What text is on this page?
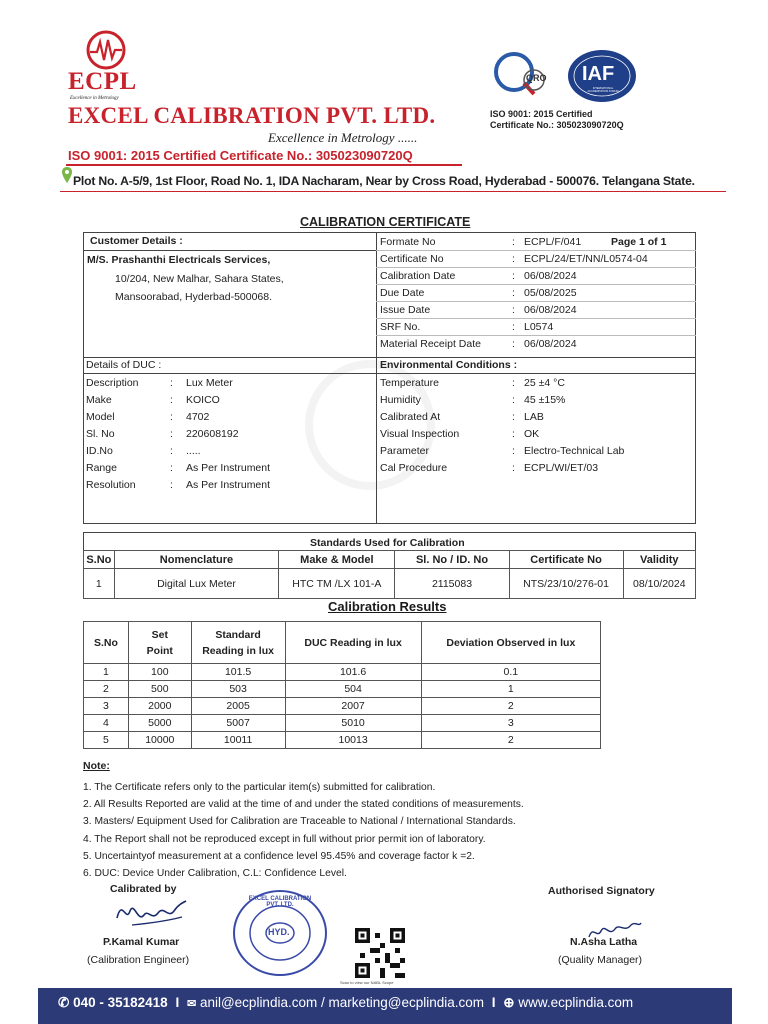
ECPL
Excellence in Metrology
EXCEL CALIBRATION PVT. LTD.
Excellence in Metrology ......
ISO 9001: 2015 Certified Certificate No.: 305023090720Q
QRO IAF
INTERNATIONAL ACCREDITATION FORUM
ISO 9001: 2015 Certified
Certificate No.: 305023090720Q
Plot No. A-5/9, 1st Floor, Road No. 1, IDA Nacharam, Near by Cross Road, Hyderabad - 500076. Telangana State.
CALIBRATION CERTIFICATE
Customer Details :
M/S. Prashanthi Electricals Services,
10/204, New Malhar, Sahara States,
Mansoorabad, Hyderbad-500068.
Formate No	: ECPL/F/041	Page 1 of 1
Certificate No	: ECPL/24/ET/NN/L0574-04
Calibration Date	: 06/08/2024
Due Date	: 05/08/2025
Issue Date	: 06/08/2024
SRF No.	: L0574
Material Receipt Date	: 06/08/2024
Details of DUC :
Description	: Lux Meter
Make	: KOICO
Model	: 4702
Sl. No	: 220608192
ID.No	: .....
Range	: As Per Instrument
Resolution	: As Per Instrument
Environmental Conditions :
Temperature	: 25 ±4 °C
Humidity	: 45 ±15%
Calibrated At	: LAB
Visual Inspection	: OK
Parameter	: Electro-Technical Lab
Cal Procedure	: ECPL/WI/ET/03
Standards Used for Calibration
S.No	Nomenclature	Make & Model	Sl. No / ID. No	Certificate No	Validity
1	Digital Lux Meter	HTC TM /LX 101-A	2115083	NTS/23/10/276-01	08/10/2024
Calibration Results
S.No	Set Point	Standard Reading in lux	DUC Reading in lux	Deviation Observed in lux
1	100	101.5	101.6	0.1
2	500	503	504	1
3	2000	2005	2007	2
4	5000	5007	5010	3
5	10000	10011	10013	2
Note:
1. The Certificate refers only to the particular item(s) submitted for calibration.
2. All Results Reported are valid at the time of and under the stated conditions of measurements.
3. Masters/ Equipment Used for Calibration are Traceable to National / International Standards.
4. The Report shall not be reproduced except in full without prior permit ion of laboratory.
5. Uncertaintyof measurement at a confidence level 95.45% and coverage factor k =2.
6. DUC: Device Under Calibration, C.L: Confidence Level.
Calibrated by
P.Kamal Kumar
(Calibration Engineer)
EXCEL CALIBRATION PVT. LTD.
HYD.
Scan to view our NABL Scope
Authorised Signatory
N.Asha Latha
(Quality Manager)
✆ 040 - 35182418 I ✉ anil@ecplindia.com / marketing@ecplindia.com I ⊕ www.ecplindia.com
